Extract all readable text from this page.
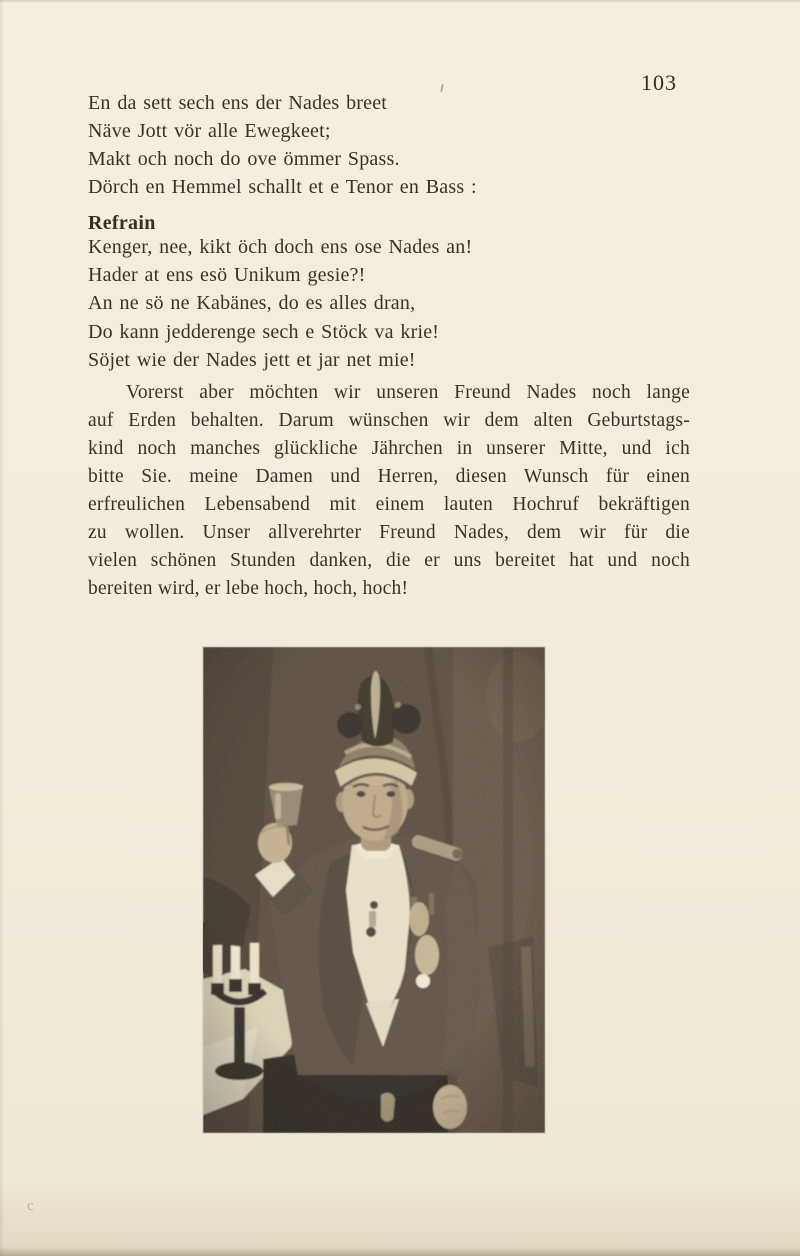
103
En da sett sech ens der Nades breet
Näve Jott vör alle Ewegkeet;
Makt och noch do ove ömmer Spass.
Dörch en Hemmel schallt et e Tenor en Bass :
Refrain
Kenger, nee, kikt öch doch ens ose Nades an!
Hader at ens esö Unikum gesie?!
An ne sö ne Kabänes, do es alles dran,
Do kann jedderenge sech e Stöck va krie!
Söjet wie der Nades jett et jar net mie!
Vorerst aber möchten wir unseren Freund Nades noch lange
auf Erden behalten. Darum wünschen wir dem alten Geburtstags-
kind noch manches glückliche Jährchen in unserer Mitte, und ich
bitte Sie. meine Damen und Herren, diesen Wunsch für einen
erfreulichen Lebensabend mit einem lauten Hochruf bekräftigen
zu wollen. Unser allverehrter Freund Nades, dem wir für die
vielen schönen Stunden danken, die er uns bereitet hat und noch
bereiten wird, er lebe hoch, hoch, hoch!
c
